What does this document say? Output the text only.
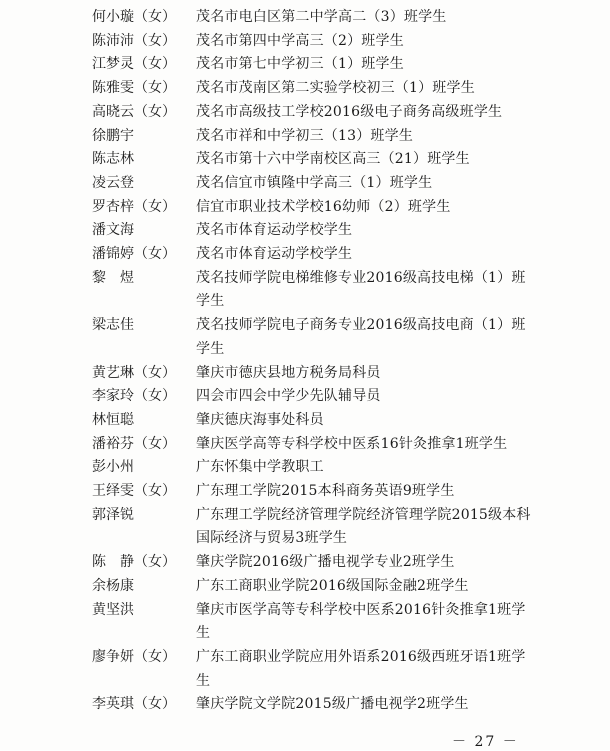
何小璇（女）	茂名市电白区第二中学高二（3）班学生
陈沛沛（女）	茂名市第四中学高三（2）班学生
江梦灵（女）	茂名市第七中学初三（1）班学生
陈雅雯（女）	茂名市茂南区第二实验学校初三（1）班学生
高晓云（女）	茂名市高级技工学校2016级电子商务高级班学生
徐鹏宇	茂名市祥和中学初三（13）班学生
陈志林	茂名市第十六中学南校区高三（21）班学生
凌云登	茂名信宜市镇隆中学高三（1）班学生
罗杏梓（女）	信宜市职业技术学校16幼师（2）班学生
潘文海	茂名市体育运动学校学生
潘锦婷（女）	茂名市体育运动学校学生
黎　煜	茂名技师学院电梯维修专业2016级高技电梯（1）班学生
梁志佳	茂名技师学院电子商务专业2016级高技电商（1）班学生
黄艺琳（女）	肇庆市德庆县地方税务局科员
李家玲（女）	四会市四会中学少先队辅导员
林恒聪	肇庆德庆海事处科员
潘裕芬（女）	肇庆医学高等专科学校中医系16针灸推拿1班学生
彭小州	广东怀集中学教职工
王绎雯（女）	广东理工学院2015本科商务英语9班学生
郭泽锐	广东理工学院经济管理学院经济管理学院2015级本科国际经济与贸易3班学生
陈　静（女）	肇庆学院2016级广播电视学专业2班学生
余杨康	广东工商职业学院2016级国际金融2班学生
黄坚洪	肇庆市医学高等专科学校中医系2016针灸推拿1班学生
廖争妍（女）	广东工商职业学院应用外语系2016级西班牙语1班学生
李英琪（女）	肇庆学院文学院2015级广播电视学2班学生
－ 27 －
